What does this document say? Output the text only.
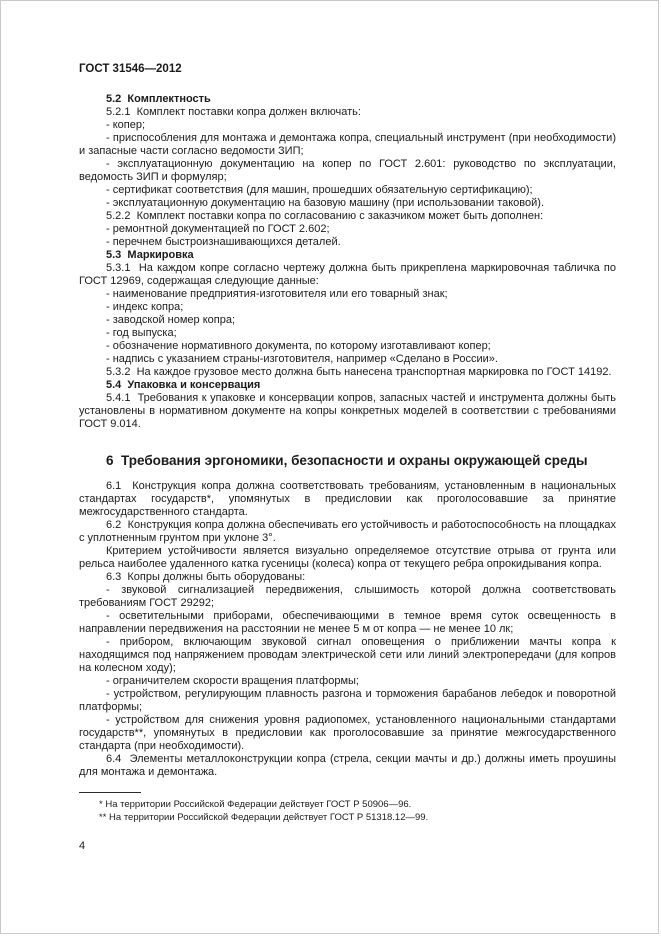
ГОСТ 31546—2012
5.2  Комплектность

5.2.1  Комплект поставки копра должен включать:

- копер;

- приспособления для монтажа и демонтажа копра, специальный инструмент (при необходимости) и запасные части согласно ведомости ЗИП;

- эксплуатационную документацию на копер по ГОСТ 2.601: руководство по эксплуатации, ведомость ЗИП и формуляр;

- сертификат соответствия (для машин, прошедших обязательную сертификацию);

- эксплуатационную документацию на базовую машину (при использовании таковой).

5.2.2  Комплект поставки копра по согласованию с заказчиком может быть дополнен:

- ремонтной документацией по ГОСТ 2.602;

- перечнем быстроизнашивающихся деталей.

5.3  Маркировка

5.3.1  На каждом копре согласно чертежу должна быть прикреплена маркировочная табличка по ГОСТ 12969, содержащая следующие данные:

- наименование предприятия-изготовителя или его товарный знак;

- индекс копра;

- заводской номер копра;

- год выпуска;

- обозначение нормативного документа, по которому изготавливают копер;

- надпись с указанием страны-изготовителя, например «Сделано в России».

5.3.2  На каждое грузовое место должна быть нанесена транспортная маркировка по ГОСТ 14192.

5.4  Упаковка и консервация

5.4.1  Требования к упаковке и консервации копров, запасных частей и инструмента должны быть установлены в нормативном документе на копры конкретных моделей в соответствии с требованиями ГОСТ 9.014.

6  Требования эргономики, безопасности и охраны окружающей среды

6.1  Конструкция копра должна соответствовать требованиям, установленным в национальных стандартах государств*, упомянутых в предисловии как проголосовавшие за принятие межгосударственного стандарта.

6.2  Конструкция копра должна обеспечивать его устойчивость и работоспособность на площадках с уплотненным грунтом при уклоне 3°.

Критерием устойчивости является визуально определяемое отсутствие отрыва от грунта или рельса наиболее удаленного катка гусеницы (колеса) копра от текущего ребра опрокидывания копра.

6.3  Копры должны быть оборудованы:

- звуковой сигнализацией передвижения, слышимость которой должна соответствовать требованиям ГОСТ 29292;

- осветительными приборами, обеспечивающими в темное время суток освещенность в направлении передвижения на расстоянии не менее 5 м от копра — не менее 10 лк;

- прибором, включающим звуковой сигнал оповещения о приближении мачты копра к находящимся под напряжением проводам электрической сети или линий электропередачи (для копров на колесном ходу);

- ограничителем скорости вращения платформы;

- устройством, регулирующим плавность разгона и торможения барабанов лебедок и поворотной платформы;

- устройством для снижения уровня радиопомех, установленного национальными стандартами государств**, упомянутых в предисловии как проголосовавшие за принятие межгосударственного стандарта (при необходимости).

6.4  Элементы металлоконструкции копра (стрела, секции мачты и др.) должны иметь проушины для монтажа и демонтажа.

* На территории Российской Федерации действует ГОСТ Р 50906—96.

** На территории Российской Федерации действует ГОСТ Р 51318.12—99.

4
